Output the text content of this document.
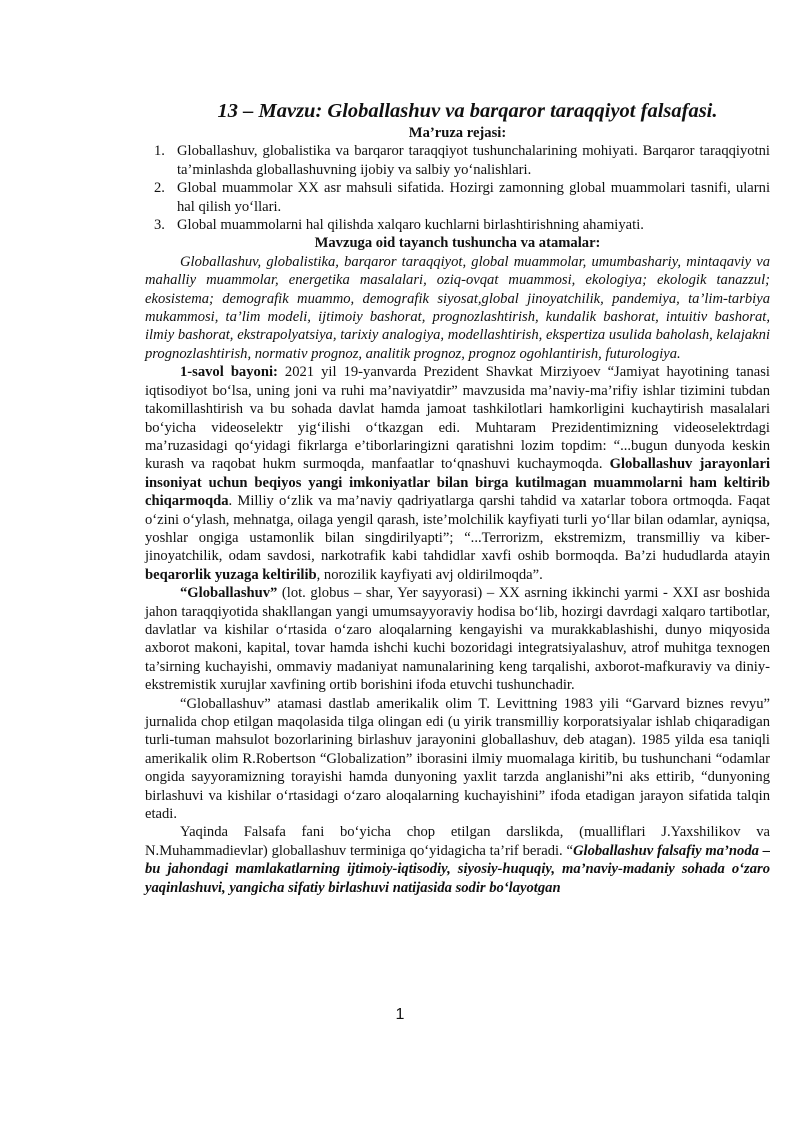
13 – Mavzu: Globallashuv va barqaror taraqqiyot falsafasi.
Ma’ruza rejasi:
1. Globallashuv, globalistika va barqaror taraqqiyot tushunchalarining mohiyati. Barqaror taraqqiyotni ta’minlashda globallashuvning ijobiy va salbiy yo‘nalishlari.
2. Global muammolar XX asr mahsuli sifatida. Hozirgi zamonning global muammolari tasnifi, ularni hal qilish yo‘llari.
3. Global muammolarni hal qilishda xalqaro kuchlarni birlashtirishning ahamiyati.
Mavzuga oid tayanch tushuncha va atamalar:

Globallashuv, globalistika, barqaror taraqqiyot, global muammolar, umumbashariy, mintaqaviy va mahalliy muammolar, energetika masalalari, oziq-ovqat muammosi, ekologiya; ekologik tanazzul; ekosistema; demografik muammo, demografik siyosat,global jinoyatchilik, pandemiya, ta’lim-tarbiya mukammosi, ta’lim modeli, ijtimoiy bashorat, prognozlashtirish, kundalik bashorat, intuitiv bashorat, ilmiy bashorat, ekstrapolyatsiya, tarixiy analogiya, modellashtirish, ekspertiza usulida baholash, kelajakni prognozlashtirish, normativ prognoz, analitik prognoz, prognoz ogohlantirish, futurologiya.

1-savol bayoni: 2021 yil 19-yanvarda Prezident Shavkat Mirziyoev “Jamiyat hayotining tanasi iqtisodiyot bo‘lsa, uning joni va ruhi ma’naviyatdir” mavzusida ma’naviy-ma’rifiy ishlar tizimini tubdan takomillashtirish va bu sohada davlat hamda jamoat tashkilotlari hamkorligini kuchaytirish masalalari bo‘yicha videoselektr yig‘ilishi o‘tkazgan edi. Muhtaram Prezidentimizning videoselektrdagi ma’ruzasidagi qo‘yidagi fikrlarga e’tiborlaringizni qaratishni lozim topdim: “...bugun dunyoda keskin kurash va raqobat hukm surmoqda, manfaatlar to‘qnashuvi kuchaymoqda. Globallashuv jarayonlari insoniyat uchun beqiyos yangi imkoniyatlar bilan birga kutilmagan muammolarni ham keltirib chiqarmoqda. Milliy o‘zlik va ma’naviy qadriyatlarga qarshi tahdid va xatarlar tobora ortmoqda. Faqat o‘zini o‘ylash, mehnatga, oilaga yengil qarash, iste’molchilik kayfiyati turli yo‘llar bilan odamlar, ayniqsa, yoshlar ongiga ustamonlik bilan singdirilyapti”; “...Terrorizm, ekstremizm, transmilliy va kiber-jinoyatchilik, odam savdosi, narkotrafik kabi tahdidlar xavfi oshib bormoqda. Ba’zi hududlarda atayin beqarorlik yuzaga keltirilib, norozilik kayfiyati avj oldirilmoqda”.

“Globallashuv” (lot. globus – shar, Yer sayyorasi) – XX asrning ikkinchi yarmi - XXI asr boshida jahon taraqqiyotida shakllangan yangi umumsayyoraviy hodisa bo‘lib, hozirgi davrdagi xalqaro tartibotlar, davlatlar va kishilar o‘rtasida o‘zaro aloqalarning kengayishi va murakkablashishi, dunyo miqyosida axborot makoni, kapital, tovar hamda ishchi kuchi bozoridagi integratsiyalashuv, atrof muhitga texnogen ta’sirning kuchayishi, ommaviy madaniyat namunalarining keng tarqalishi, axborot-mafkuraviy va diniy-ekstremistik xurujlar xavfining ortib borishini ifoda etuvchi tushunchadir.

“Globallashuv” atamasi dastlab amerikalik olim T. Levittning 1983 yili “Garvard biznes revyu” jurnalida chop etilgan maqolasida tilga olingan edi (u yirik transmilliy korporatsiyalar ishlab chiqaradigan turli-tuman mahsulot bozorlarining birlashuv jarayonini globallashuv, deb atagan). 1985 yilda esa taniqli amerikalik olim R.Robertson “Globalization” iborasini ilmiy muomalaga kiritib, bu tushunchani “odamlar ongida sayyoramizning torayishi hamda dunyoning yaxlit tarzda anglanishi”ni aks ettirib, “dunyoning birlashuvi va kishilar o‘rtasidagi o‘zaro aloqalarning kuchayishini” ifoda etadigan jarayon sifatida talqin etadi.

Yaqinda Falsafa fani bo‘yicha chop etilgan darslikda, (mualliflari J.Yaxshilikov va N.Muhammadievlar) globallashuv terminiga qo‘yidagicha ta’rif beradi. “Globallashuv falsafiy ma’noda – bu jahondagi mamlakatlarning ijtimoiy-iqtisodiy, siyosiy-huquqiy, ma’naviy-madaniy sohada o‘zaro yaqinlashuvi, yangicha sifatiy birlashuvi natijasida sodir bo‘layotgan

1
